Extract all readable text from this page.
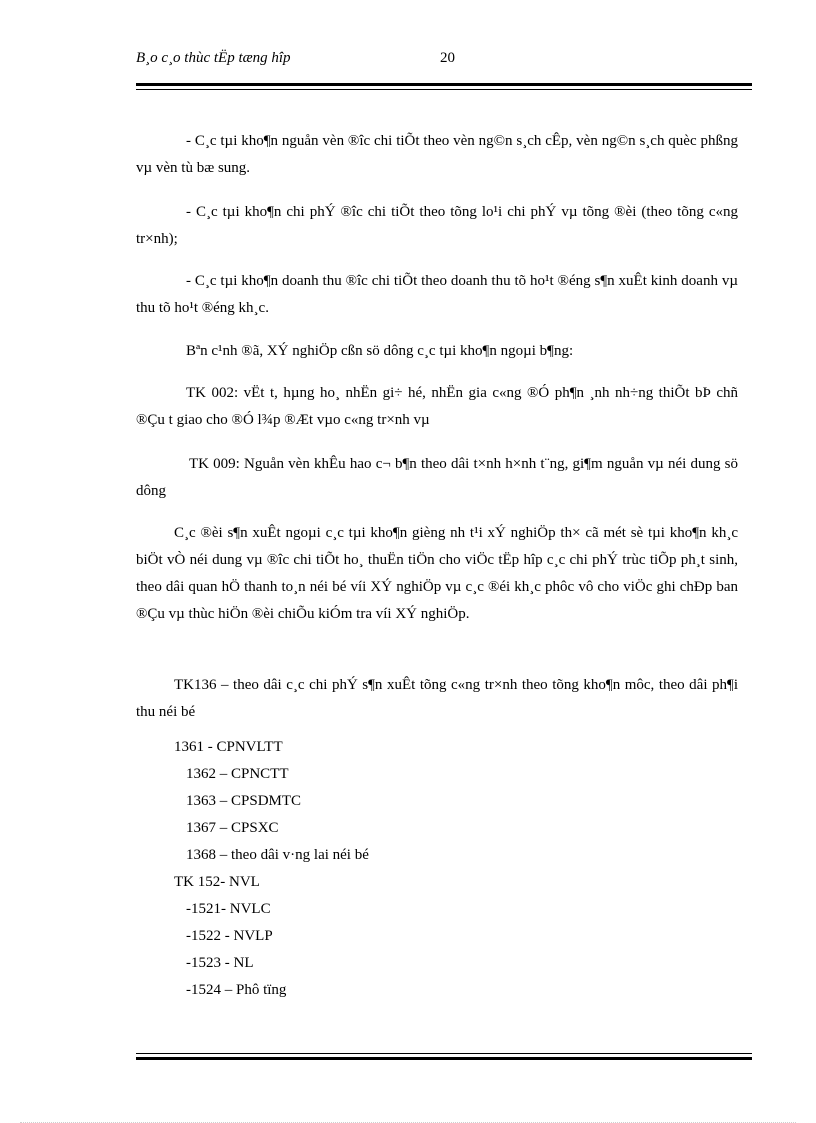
B¸o c¸o thùc tËp tæng hîp	20

- C¸c tµi kho¶n nguån vèn ®îc chi tiÕt theo vèn ng©n s¸ch cÊp, vèn ng©n s¸ch quèc phßng vµ vèn tù bæ sung.

- C¸c tµi kho¶n chi phÝ ®îc chi tiÕt theo tõng lo¹i chi phÝ vµ tõng ®èi (theo tõng c«ng tr×nh);

- C¸c tµi kho¶n doanh thu ®îc chi tiÕt theo doanh thu tõ ho¹t ®éng s¶n xuÊt kinh doanh vµ thu tõ ho¹t ®éng kh¸c.

Bªn c¹nh ®ã, XÝ nghiÖp cßn sö dông c¸c tµi kho¶n ngoµi b¶ng:

TK 002: vËt t, hµng ho¸ nhËn gi÷ hé, nhËn gia c«ng ®Ó ph¶n ¸nh nh÷ng thiÕt bÞ chñ ®Çu t giao cho ®Ó l¾p ®Æt vµo c«ng tr×nh vµ

TK 009: Nguån vèn khÊu hao c¬ b¶n theo dâi t×nh h×nh t¨ng, gi¶m nguån vµ néi dung sö dông

C¸c ®èi s¶n xuÊt ngoµi c¸c tµi kho¶n gièng nh t¹i xÝ nghiÖp th× cã mét sè tµi kho¶n kh¸c biÖt vÒ néi dung vµ ®îc chi tiÕt ho¸ thuËn tiÖn cho viÖc tËp hîp c¸c chi phÝ trùc tiÕp ph¸t sinh, theo dâi quan hÖ thanh to¸n néi bé víi XÝ nghiÖp vµ c¸c ®éi kh¸c phôc vô cho viÖc ghi chÐp ban ®Çu vµ thùc hiÖn ®èi chiÕu kiÓm tra víi XÝ nghiÖp.

TK136 – theo dâi c¸c chi phÝ s¶n xuÊt tõng c«ng tr×nh theo tõng kho¶n môc, theo dâi ph¶i thu néi bé

1361 - CPNVLTT

1362 – CPNCTT

1363 – CPSDMTC

1367 – CPSXC

1368 – theo dâi v·ng lai néi bé

TK 152- NVL

-1521- NVLC

-1522 - NVLP

-1523 - NL

-1524 – Phô tïng
